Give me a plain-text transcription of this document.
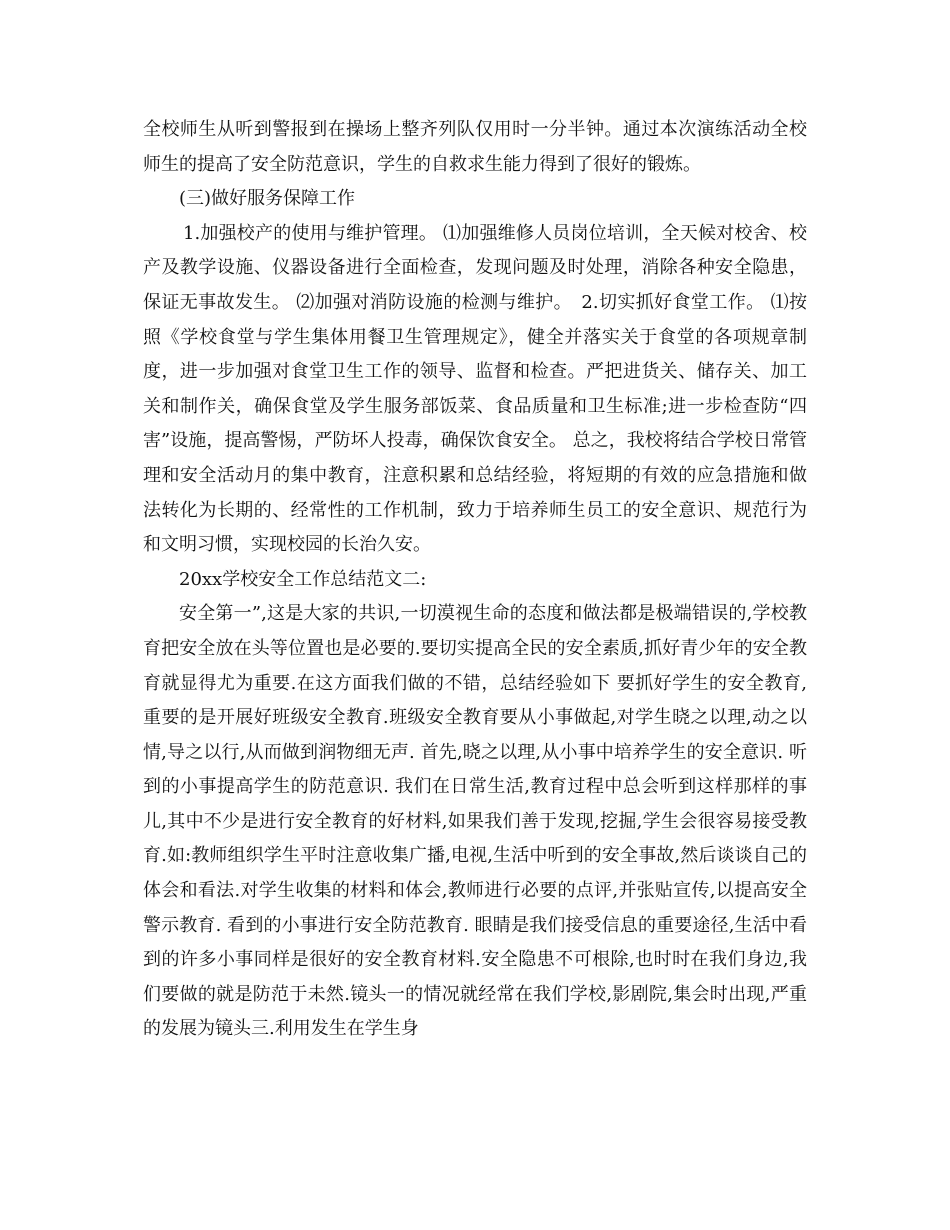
全校师生从听到警报到在操场上整齐列队仅用时一分半钟。通过本次演练活动全校师生的提高了安全防范意识，学生的自救求生能力得到了很好的锻炼。

(三)做好服务保障工作

1.加强校产的使用与维护管理。 ⑴加强维修人员岗位培训，全天候对校舍、校产及教学设施、仪器设备进行全面检查，发现问题及时处理，消除各种安全隐患，保证无事故发生。 ⑵加强对消防设施的检测与维护。　2.切实抓好食堂工作。 ⑴按照《学校食堂与学生集体用餐卫生管理规定》，健全并落实关于食堂的各项规章制度，进一步加强对食堂卫生工作的领导、监督和检查。严把进货关、储存关、加工关和制作关，确保食堂及学生服务部饭菜、食品质量和卫生标准;进一步检查防“四害”设施，提高警惕，严防坏人投毒，确保饮食安全。 总之，我校将结合学校日常管理和安全活动月的集中教育，注意积累和总结经验，将短期的有效的应急措施和做法转化为长期的、经常性的工作机制，致力于培养师生员工的安全意识、规范行为和文明习惯，实现校园的长治久安。

20xx学校安全工作总结范文二:

安全第一”,这是大家的共识,一切漠视生命的态度和做法都是极端错误的,学校教育把安全放在头等位置也是必要的.要切实提高全民的安全素质,抓好青少年的安全教育就显得尤为重要.在这方面我们做的不错，总结经验如下 要抓好学生的安全教育,重要的是开展好班级安全教育.班级安全教育要从小事做起,对学生晓之以理,动之以情,导之以行,从而做到润物细无声. 首先,晓之以理,从小事中培养学生的安全意识. 听到的小事提高学生的防范意识. 我们在日常生活,教育过程中总会听到这样那样的事儿,其中不少是进行安全教育的好材料,如果我们善于发现,挖掘,学生会很容易接受教育.如:教师组织学生平时注意收集广播,电视,生活中听到的安全事故,然后谈谈自己的体会和看法.对学生收集的材料和体会,教师进行必要的点评,并张贴宣传,以提高安全警示教育. 看到的小事进行安全防范教育. 眼睛是我们接受信息的重要途径,生活中看到的许多小事同样是很好的安全教育材料.安全隐患不可根除,也时时在我们身边,我们要做的就是防范于未然.镜头一的情况就经常在我们学校,影剧院,集会时出现,严重的发展为镜头三.利用发生在学生身
